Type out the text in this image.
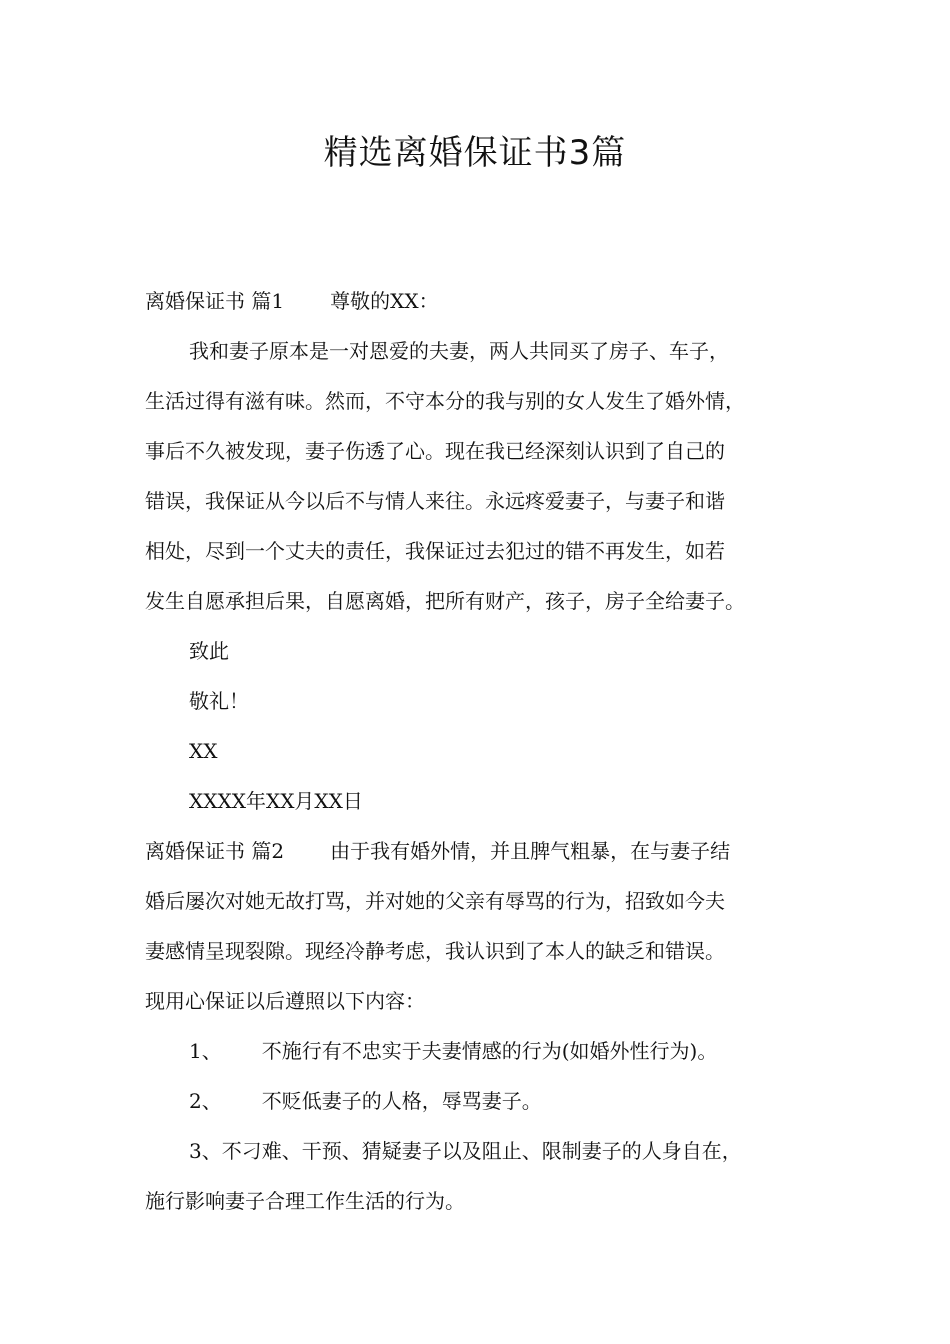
精选离婚保证书3篇
离婚保证书 篇1 尊敬的XX：
我和妻子原本是一对恩爱的夫妻，两人共同买了房子、车子，
生活过得有滋有味。然而，不守本分的我与别的女人发生了婚外情，
事后不久被发现，妻子伤透了心。现在我已经深刻认识到了自己的
错误，我保证从今以后不与情人来往。永远疼爱妻子，与妻子和谐
相处，尽到一个丈夫的责任，我保证过去犯过的错不再发生，如若
发生自愿承担后果，自愿离婚，把所有财产，孩子，房子全给妻子。
致此
敬礼！
XX
XXXX年XX月XX日
离婚保证书 篇2 由于我有婚外情，并且脾气粗暴，在与妻子结
婚后屡次对她无故打骂，并对她的父亲有辱骂的行为，招致如今夫
妻感情呈现裂隙。现经冷静考虑，我认识到了本人的缺乏和错误。
现用心保证以后遵照以下内容：
1、 不施行有不忠实于夫妻情感的行为(如婚外性行为)。
2、 不贬低妻子的人格，辱骂妻子。
3、不刁难、干预、猜疑妻子以及阻止、限制妻子的人身自在，
施行影响妻子合理工作生活的行为。
